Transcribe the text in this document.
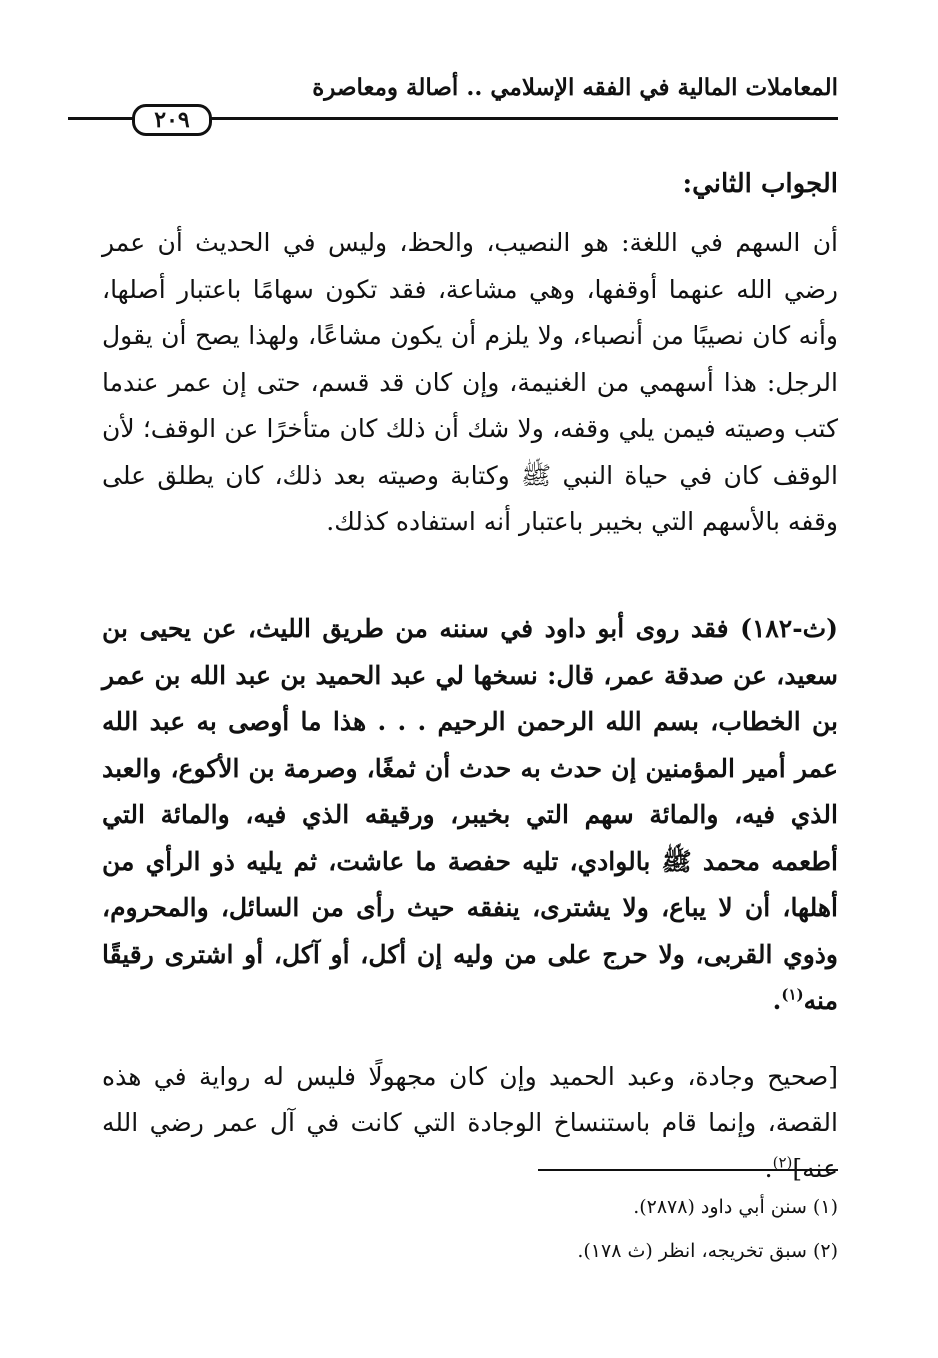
المعاملات المالية في الفقه الإسلامي .. أصالة ومعاصرة
٢٠٩
الجواب الثاني:
أن السهم في اللغة: هو النصيب، والحظ، وليس في الحديث أن عمر رضي الله عنهما أوقفها، وهي مشاعة، فقد تكون سهامًا باعتبار أصلها، وأنه كان نصيبًا من أنصباء، ولا يلزم أن يكون مشاعًا، ولهذا يصح أن يقول الرجل: هذا أسهمي من الغنيمة، وإن كان قد قسم، حتى إن عمر عندما كتب وصيته فيمن يلي وقفه، ولا شك أن ذلك كان متأخرًا عن الوقف؛ لأن الوقف كان في حياة النبي ﷺ وكتابة وصيته بعد ذلك، كان يطلق على وقفه بالأسهم التي بخيبر باعتبار أنه استفاده كذلك.
(ث-١٨٢) فقد روى أبو داود في سننه من طريق الليث، عن يحيى بن سعيد، عن صدقة عمر، قال: نسخها لي عبد الحميد بن عبد الله بن عمر بن الخطاب، بسم الله الرحمن الرحيم . . . هذا ما أوصى به عبد الله عمر أمير المؤمنين إن حدث به حدث أن ثمغًا، وصرمة بن الأكوع، والعبد الذي فيه، والمائة سهم التي بخيبر، ورقيقه الذي فيه، والمائة التي أطعمه محمد ﷺ بالوادي، تليه حفصة ما عاشت، ثم يليه ذو الرأي من أهلها، أن لا يباع، ولا يشترى، ينفقه حيث رأى من السائل، والمحروم، وذوي القربى، ولا حرج على من وليه إن أكل، أو آكل، أو اشترى رقيقًا منه$^{(١)}$.
[صحيح وجادة، وعبد الحميد وإن كان مجهولًا فليس له رواية في هذه القصة، وإنما قام باستنساخ الوجادة التي كانت في آل عمر رضي الله عنه]$^{(٢)}$.
(١) سنن أبي داود (٢٨٧٨).
(٢) سبق تخريجه، انظر (ث ١٧٨).
